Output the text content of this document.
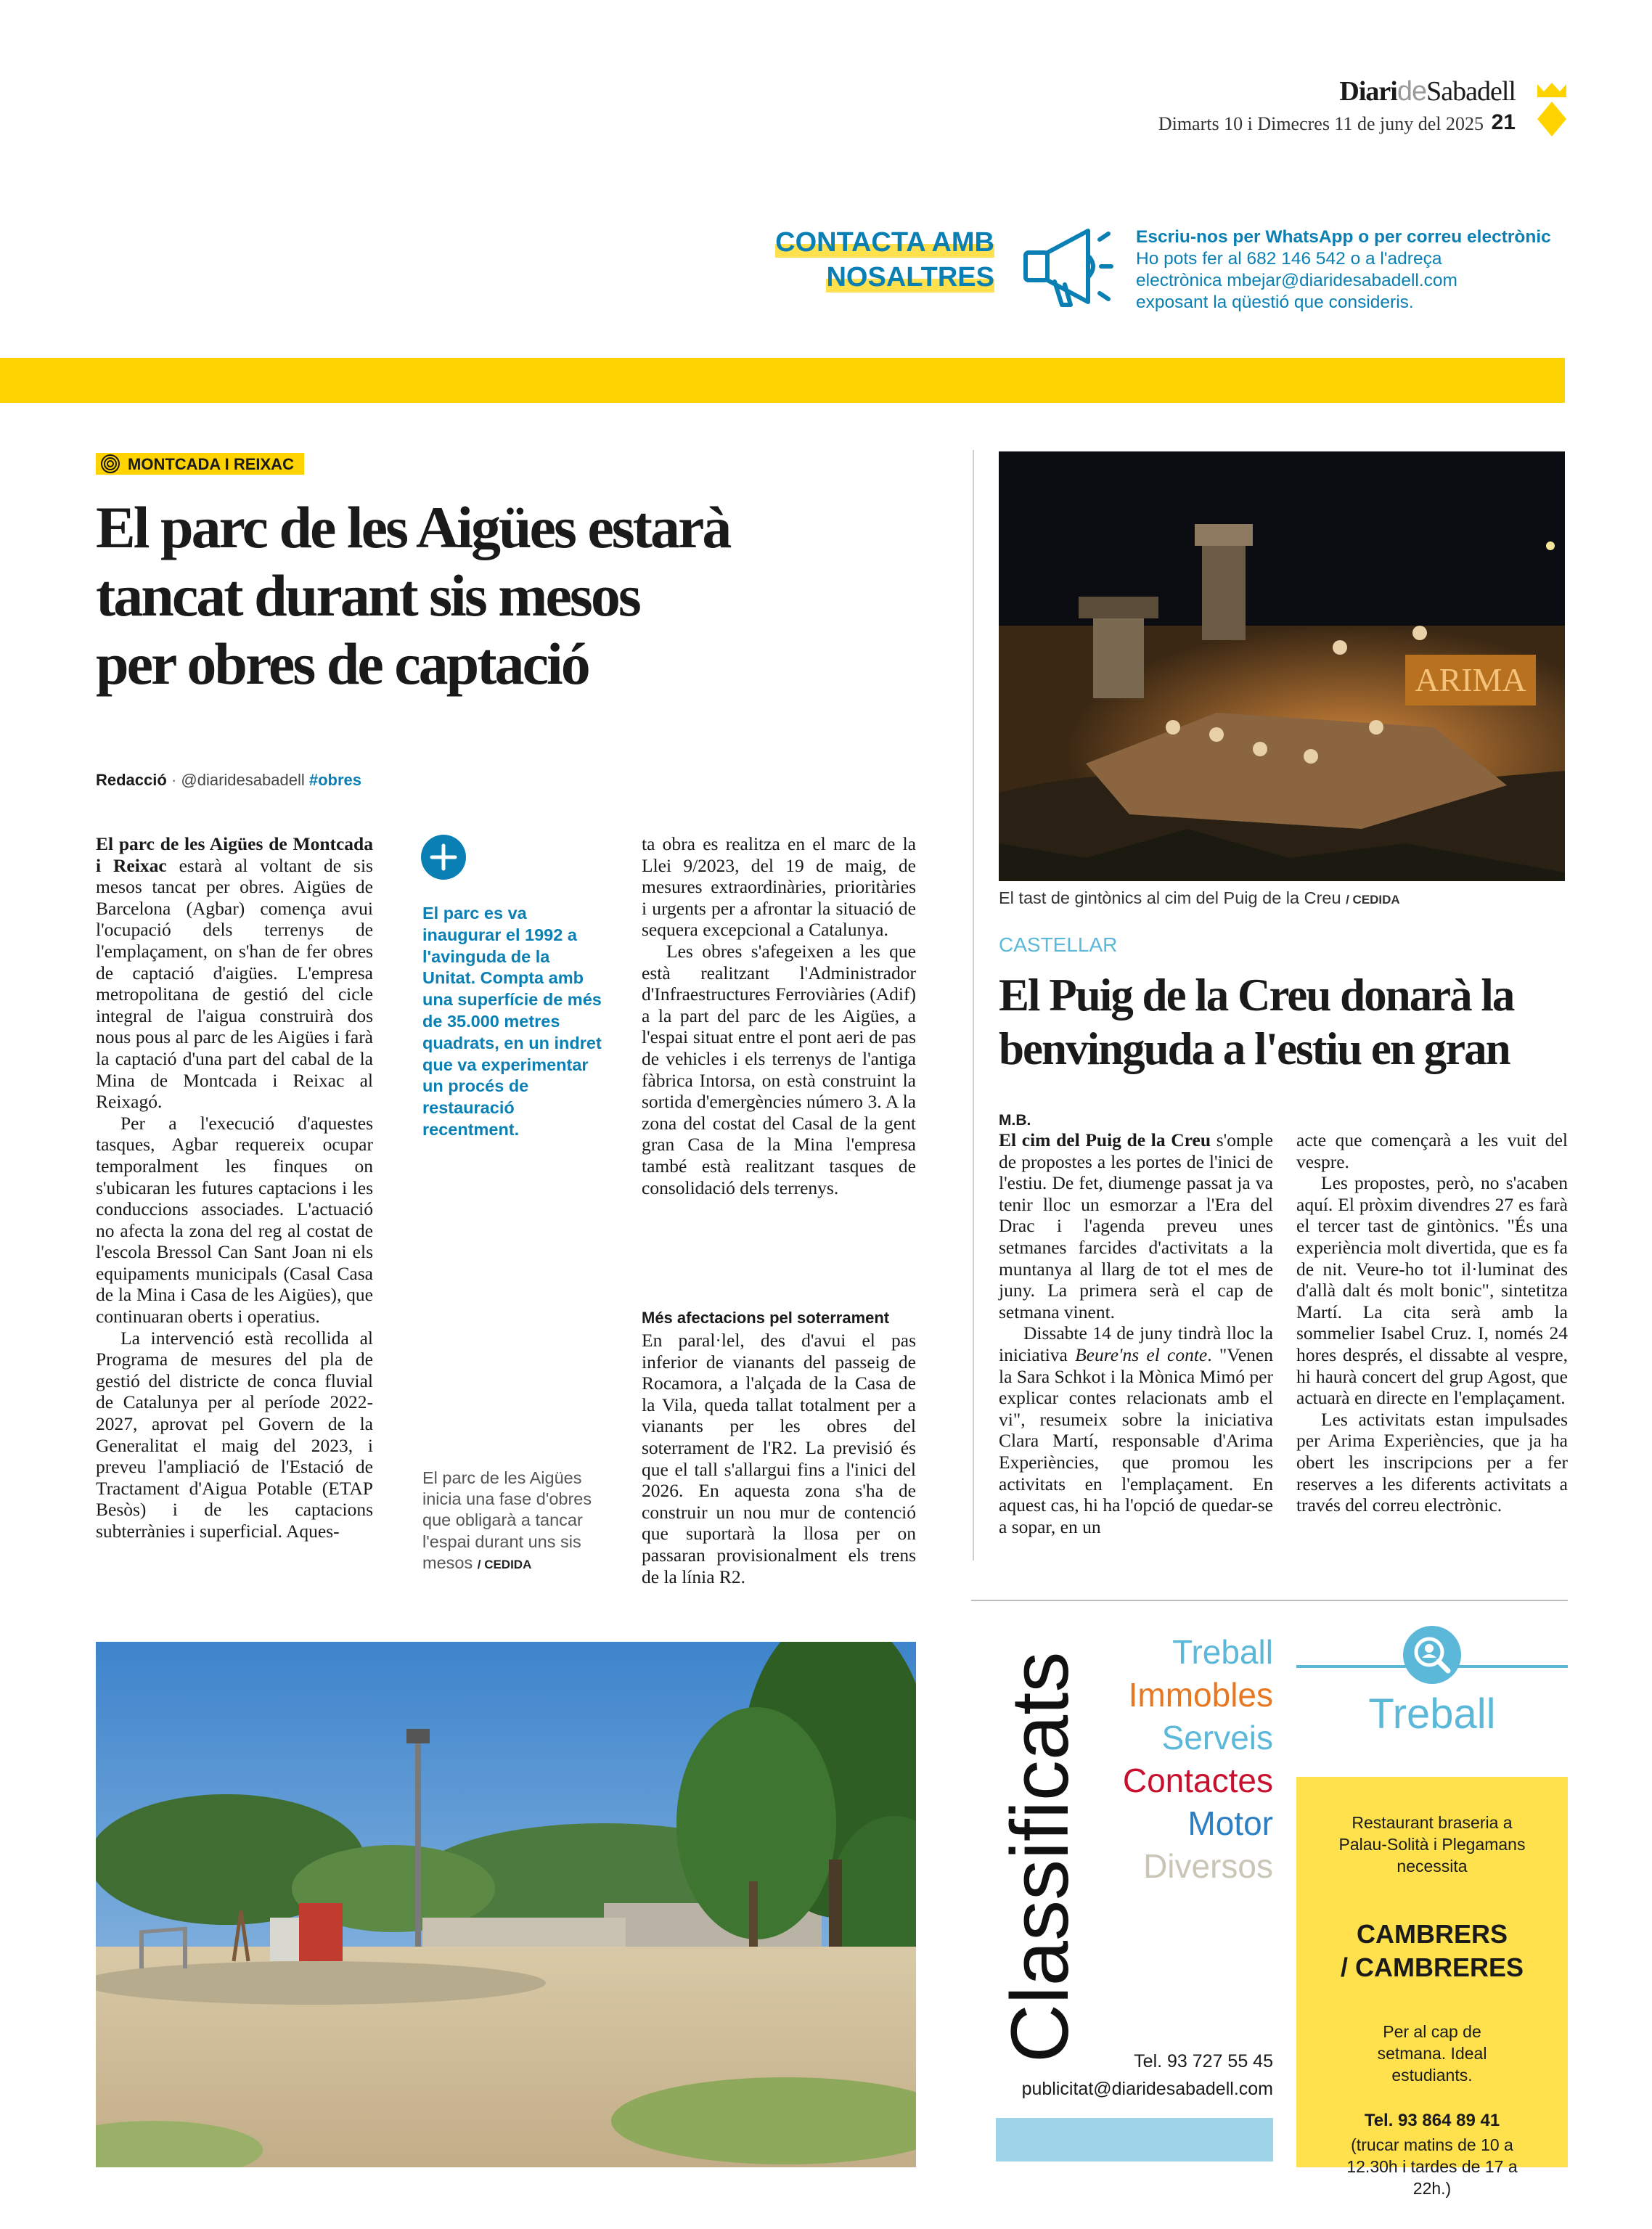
DiarideSabadell
Dimarts 10 i Dimecres 11 de juny del 2025 21
CONTACTA AMB
NOSALTRES
Escriu-nos per WhatsApp o per correu electrònic
Ho pots fer al 682 146 542 o a l'adreça
electrònica mbejar@diaridesabadell.com
exposant la qüestió que consideris.
MONTCADA I REIXAC
El parc de les Aigües estarà
tancat durant sis mesos
per obres de captació
Redacció · @diaridesabadell #obres

El parc de les Aigües de Montcada i Reixac estarà al voltant de sis mesos tancat per obres. Aigües de Barcelona (Agbar) comença avui l'ocupació dels terrenys de l'emplaçament, on s'han de fer obres de captació d'aigües. L'empresa metropolitana de gestió del cicle integral de l'aigua construirà dos nous pous al parc de les Aigües i farà la captació d'una part del cabal de la Mina de Montcada i Reixac al Reixagó.

Per a l'execució d'aquestes tasques, Agbar requereix ocupar temporalment les finques on s'ubicaran les futures captacions i les conduccions associades. L'actuació no afecta la zona del reg al costat de l'escola Bressol Can Sant Joan ni els equipaments municipals (Casal Casa de la Mina i Casa de les Aigües), que continuaran oberts i operatius.

La intervenció està recollida al Programa de mesures del pla de gestió del districte de conca fluvial de Catalunya per al període 2022-2027, aprovat pel Govern de la Generalitat el maig del 2023, i preveu l'ampliació de l'Estació de Tractament d'Aigua Potable (ETAP Besòs) i de les captacions subterrànies i superficial. Aques-

El parc es va inaugurar el 1992 a l'avinguda de la Unitat. Compta amb una superfície de més de 35.000 metres quadrats, en un indret que va experimentar un procés de restauració recentment.
El parc de les Aigües inicia una fase d'obres que obligarà a tancar l'espai durant uns sis mesos / CEDIDA

ta obra es realitza en el marc de la Llei 9/2023, del 19 de maig, de mesures extraordinàries, prioritàries i urgents per a afrontar la situació de sequera excepcional a Catalunya.

Les obres s'afegeixen a les que està realitzant l'Administrador d'Infraestructures Ferroviàries (Adif) a la part del parc de les Aigües, a l'espai situat entre el pont aeri de pas de vehicles i els terrenys de l'antiga fàbrica Intorsa, on està construint la sortida d'emergències número 3. A la zona del costat del Casal de la gent gran Casa de la Mina l'empresa també està realitzant tasques de consolidació dels terrenys.

Més afectacions pel soterrament

En paral·lel, des d'avui el pas inferior de vianants del passeig de Rocamora, a l'alçada de la Casa de la Vila, queda tallat totalment per a vianants per les obres del soterrament de l'R2. La previsió és que el tall s'allargui fins a l'inici del 2026. En aquesta zona s'ha de construir un nou mur de contenció que suportarà la llosa per on passaran provisionalment els trens de la línia R2.

ARIMA
El tast de gintònics al cim del Puig de la Creu / CEDIDA
CASTELLAR
El Puig de la Creu donarà la
benvinguda a l'estiu en gran
M.B.

El cim del Puig de la Creu s'omple de propostes a les portes de l'inici de l'estiu. De fet, diumenge passat ja va tenir lloc un esmorzar a l'Era del Drac i l'agenda preveu unes setmanes farcides d'activitats a la muntanya al llarg de tot el mes de juny. La primera serà el cap de setmana vinent.

Dissabte 14 de juny tindrà lloc la iniciativa Beure'ns el conte. "Venen la Sara Schkot i la Mònica Mimó per explicar contes relacionats amb el vi", resumeix sobre la iniciativa Clara Martí, responsable d'Arima Experiències, que promou les activitats en l'emplaçament. En aquest cas, hi ha l'opció de quedar-se a sopar, en un

acte que començarà a les vuit del vespre.

Les propostes, però, no s'acaben aquí. El pròxim divendres 27 es farà el tercer tast de gintònics. "És una experiència molt divertida, que es fa de nit. Veure-ho tot il·luminat des d'allà dalt és molt bonic", sintetitza Martí. La cita serà amb la sommelier Isabel Cruz. I, només 24 hores després, el dissabte al vespre, hi haurà concert del grup Agost, que actuarà en directe en l'emplaçament.

Les activitats estan impulsades per Arima Experiències, que ja ha obert les inscripcions per a fer reserves a les diferents activitats a través del correu electrònic.

Classificats	Treball
Immobles
Serveis
Contactes
Motor
Diversos
Tel. 93 727 55 45
publicitat@diaridesabadell.com
Treball
Restaurant braseria a Palau-Solità i Plegamans necessita
CAMBRERS
/ CAMBRERES
Per al cap de setmana. Ideal estudiants.
Tel. 93 864 89 41
(trucar matins de 10 a 12.30h i tardes de 17 a 22h.)
